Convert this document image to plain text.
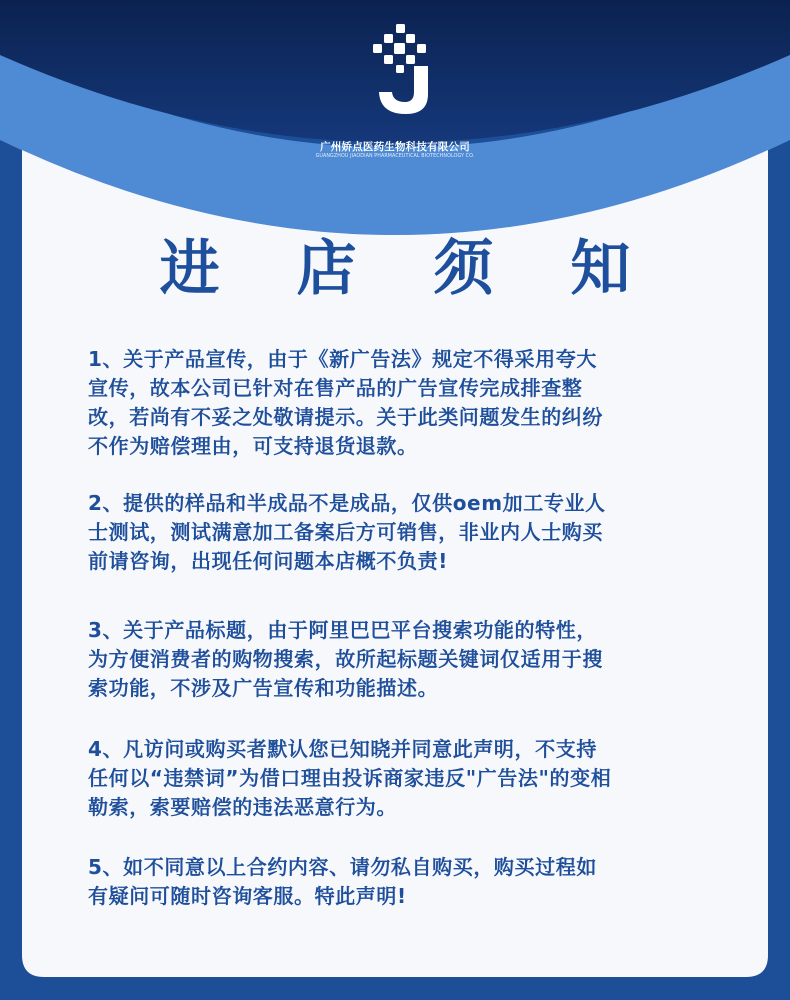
广州娇点医药生物科技有限公司
GUANGZHOU JIAODIAN PHARMACEUTICAL BIOTECHNOLOGY CO.
进 店 须 知
1、关于产品宣传，由于《新广告法》规定不得采用夸大
宣传，故本公司已针对在售产品的广告宣传完成排查整
改，若尚有不妥之处敬请提示。关于此类问题发生的纠纷
不作为赔偿理由，可支持退货退款。
2、提供的样品和半成品不是成品，仅供oem加工专业人
士测试，测试满意加工备案后方可销售，非业内人士购买
前请咨询，出现任何问题本店概不负责!
3、关于产品标题，由于阿里巴巴平台搜索功能的特性，
为方便消费者的购物搜索，故所起标题关键词仅适用于搜
索功能，不涉及广告宣传和功能描述。
4、凡访问或购买者默认您已知晓并同意此声明，不支持
任何以“违禁词”为借口理由投诉商家违反"广告法"的变相
勒索，索要赔偿的违法恶意行为。
5、如不同意以上合约内容、请勿私自购买，购买过程如
有疑问可随时咨询客服。特此声明!
